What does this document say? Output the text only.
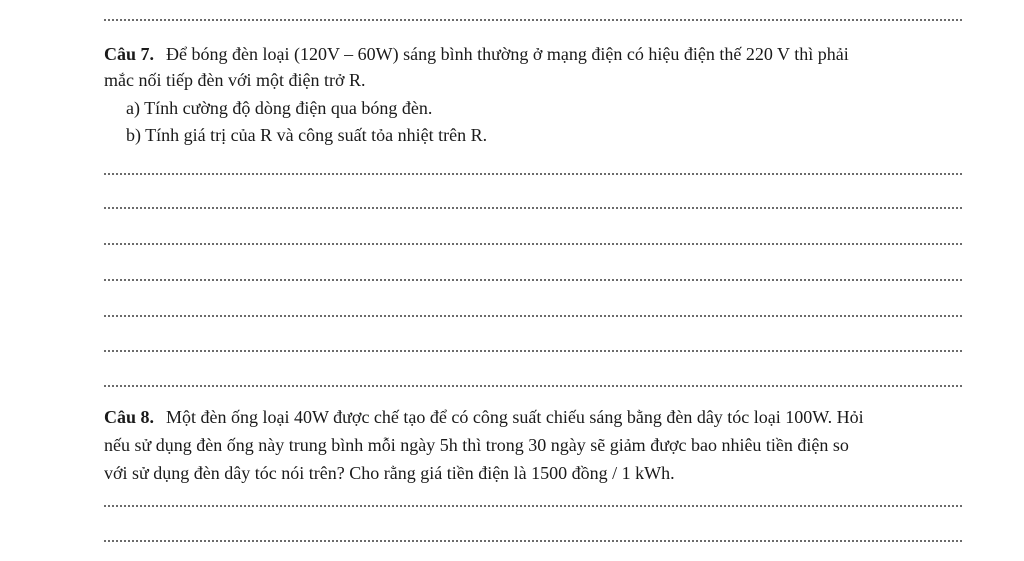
Câu 7. Để bóng đèn loại (120V – 60W) sáng bình thường ở mạng điện có hiệu điện thế 220 V thì phải
mắc nối tiếp đèn với một điện trở R.
a) Tính cường độ dòng điện qua bóng đèn.
b) Tính giá trị của R và công suất tỏa nhiệt trên R.
Câu 8. Một đèn ống loại 40W được chế tạo để có công suất chiếu sáng bằng đèn dây tóc loại 100W. Hỏi
nếu sử dụng đèn ống này trung bình mỗi ngày 5h thì trong 30 ngày sẽ giảm được bao nhiêu tiền điện so
với sử dụng đèn dây tóc nói trên? Cho rằng giá tiền điện là 1500 đồng / 1 kWh.
